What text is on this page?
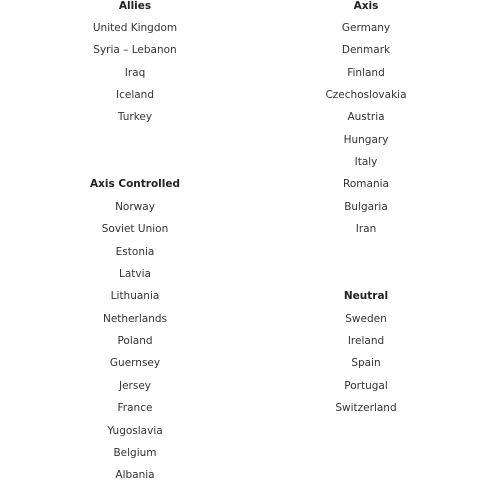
Allies
United Kingdom
Syria – Lebanon
Iraq
Iceland
Turkey
Axis Controlled
Norway
Soviet Union
Estonia
Latvia
Lithuania
Netherlands
Poland
Guernsey
Jersey
France
Yugoslavia
Belgium
Albania
Axis
Germany
Denmark
Finland
Czechoslovakia
Austria
Hungary
Italy
Romania
Bulgaria
Iran
Neutral
Sweden
Ireland
Spain
Portugal
Switzerland
